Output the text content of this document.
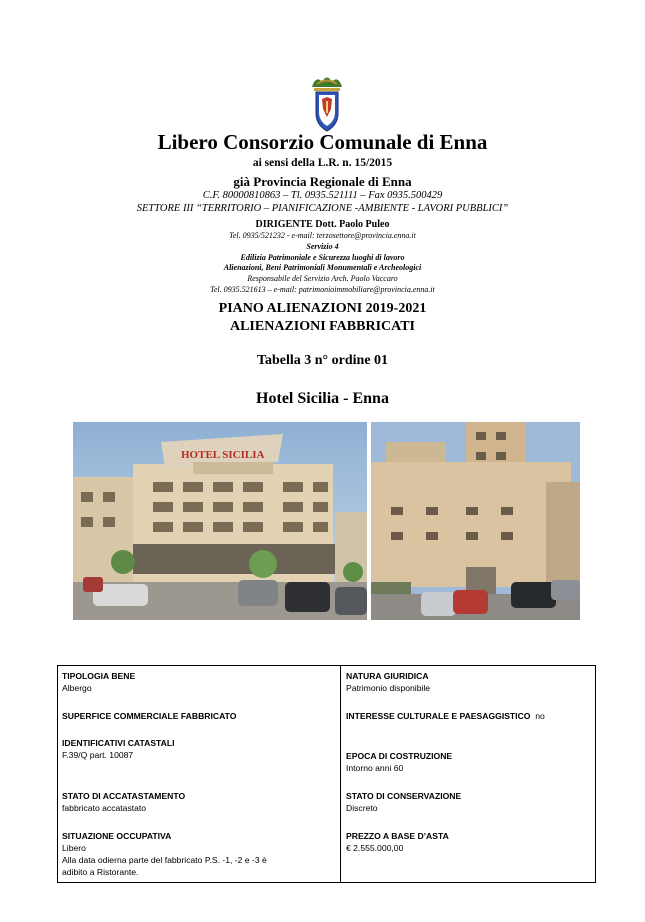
Libero Consorzio Comunale di Enna
ai sensi della L.R. n. 15/2015
già Provincia Regionale di Enna
C.F. 80000810863 – Tl. 0935.521111 – Fax 0935.500429
SETTORE III “TERRITORIO – PIANIFICAZIONE -AMBIENTE - LAVORI PUBBLICI”
DIRIGENTE Dott. Paolo Puleo
Tel. 0935/521232 - e-mail: terzosettore@provincia.enna.it
Servizio 4
Edilizia Patrimoniale e Sicurezza luoghi di lavoro
Alienazioni, Beni Patrimoniali Monumentali e Archeologici
Responsabile del Servizio Arch. Paolo Vaccaro
Tel. 0935.521613 – e-mail: patrimonioimmobiliare@provincia.enna.it
PIANO ALIENAZIONI 2019-2021
ALIENAZIONI FABBRICATI
Tabella 3 n° ordine 01
Hotel Sicilia - Enna
HOTEL SICILIA
TIPOLOGIA BENE
Albergo
NATURA GIURIDICA
Patrimonio disponibile
SUPERFICE COMMERCIALE FABBRICATO	INTERESSE CULTURALE E PAESAGGISTICO no
IDENTIFICATIVI CATASTALI
F.39/Q part. 10087	EPOCA DI COSTRUZIONE
Intorno anni 60
STATO DI ACCATASTAMENTO
fabbricato accatastato
STATO DI CONSERVAZIONE
Discreto
SITUAZIONE OCCUPATIVA
Libero
Alla data odierna parte del fabbricato P.S. -1, -2 e -3 è
adibito a Ristorante.
PREZZO A BASE D’ASTA
€ 2.555.000,00
